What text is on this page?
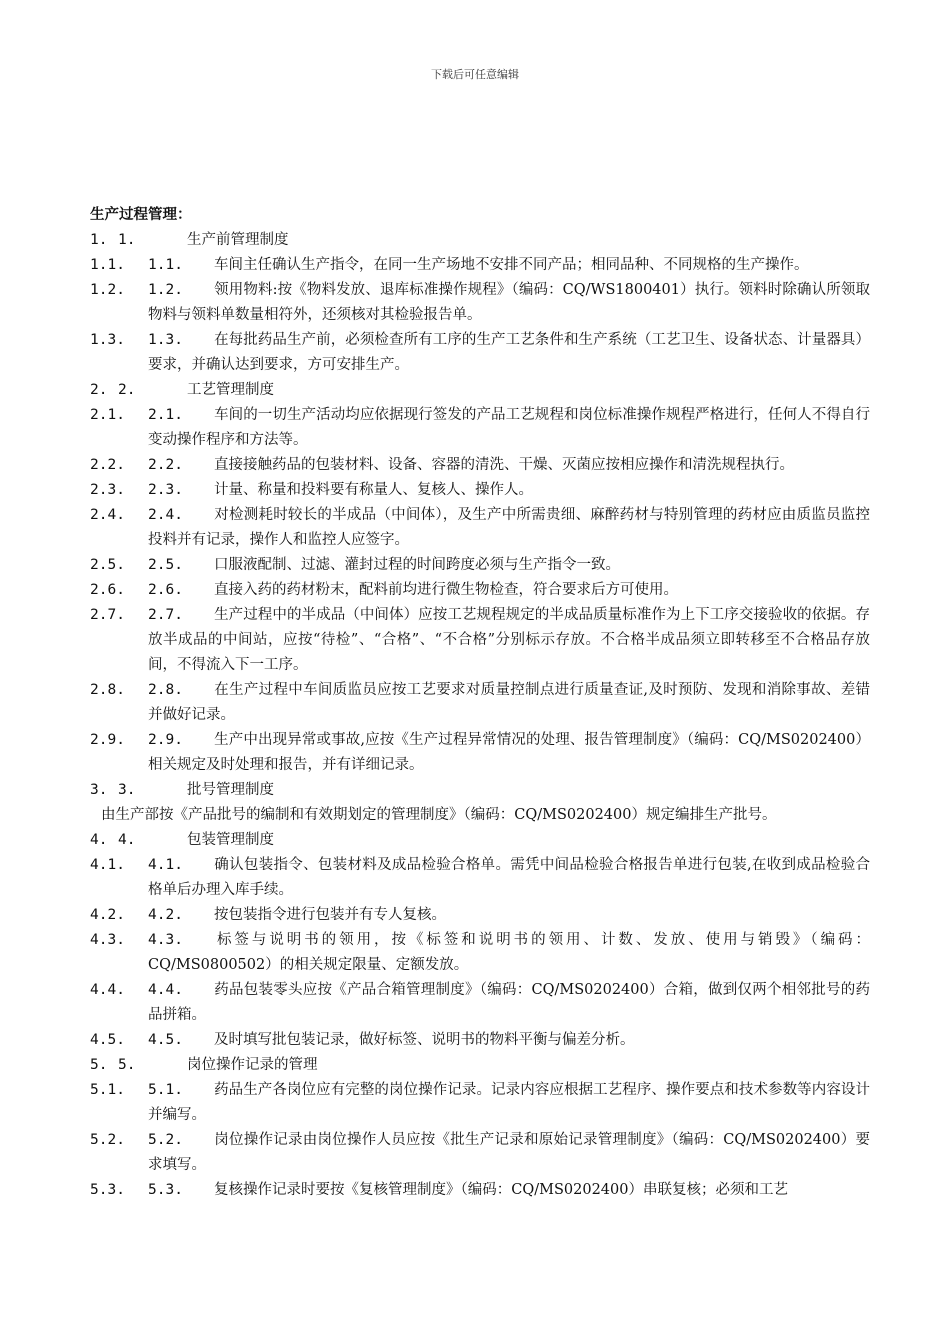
下载后可任意编辑
生产过程管理：
1. 1.	生产前管理制度
1.1. 1.1. 车间主任确认生产指令，在同一生产场地不安排不同产品；相同品种、不同规格的生产操作。
1.2. 1.2. 领用物料:按《物料发放、退库标准操作规程》（编码：CQ/WS1800401）执行。领料时除确认所领取物料与领料单数量相符外，还须核对其检验报告单。
1.3. 1.3. 在每批药品生产前，必须检查所有工序的生产工艺条件和生产系统（工艺卫生、设备状态、计量器具）要求，并确认达到要求，方可安排生产。
2. 2.	工艺管理制度
2.1. 2.1. 车间的一切生产活动均应依据现行签发的产品工艺规程和岗位标准操作规程严格进行，任何人不得自行变动操作程序和方法等。
2.2. 2.2. 直接接触药品的包装材料、设备、容器的清洗、干燥、灭菌应按相应操作和清洗规程执行。
2.3. 2.3. 计量、称量和投料要有称量人、复核人、操作人。
2.4. 2.4. 对检测耗时较长的半成品（中间体），及生产中所需贵细、麻醉药材与特别管理的药材应由质监员监控投料并有记录，操作人和监控人应签字。
2.5. 2.5. 口服液配制、过滤、灌封过程的时间跨度必须与生产指令一致。
2.6. 2.6. 直接入药的药材粉末，配料前均进行微生物检查，符合要求后方可使用。
2.7. 2.7. 生产过程中的半成品（中间体）应按工艺规程规定的半成品质量标准作为上下工序交接验收的依据。存放半成品的中间站，应按“待检”、“合格”、“不合格”分别标示存放。不合格半成品须立即转移至不合格品存放间，不得流入下一工序。
2.8. 2.8. 在生产过程中车间质监员应按工艺要求对质量控制点进行质量查证,及时预防、发现和消除事故、差错并做好记录。
2.9. 2.9. 生产中出现异常或事故,应按《生产过程异常情况的处理、报告管理制度》（编码：CQ/MS0202400）相关规定及时处理和报告，并有详细记录。
3. 3.	批号管理制度
由生产部按《产品批号的编制和有效期划定的管理制度》（编码：CQ/MS0202400）规定编排生产批号。
4. 4.	包装管理制度
4.1. 4.1. 确认包装指令、包装材料及成品检验合格单。需凭中间品检验合格报告单进行包装,在收到成品检验合格单后办理入库手续。
4.2. 4.2. 按包装指令进行包装并有专人复核。
4.3. 4.3. 标签与说明书的领用，按《标签和说明书的领用、计数、发放、使用与销毁》（编码：CQ/MS0800502）的相关规定限量、定额发放。
4.4. 4.4. 药品包装零头应按《产品合箱管理制度》（编码：CQ/MS0202400）合箱，做到仅两个相邻批号的药品拼箱。
4.5. 4.5. 及时填写批包装记录，做好标签、说明书的物料平衡与偏差分析。
5. 5.	岗位操作记录的管理
5.1. 5.1. 药品生产各岗位应有完整的岗位操作记录。记录内容应根据工艺程序、操作要点和技术参数等内容设计并编写。
5.2. 5.2. 岗位操作记录由岗位操作人员应按《批生产记录和原始记录管理制度》（编码：CQ/MS0202400）要求填写。
5.3. 5.3. 复核操作记录时要按《复核管理制度》（编码：CQ/MS0202400）串联复核；必须和工艺
